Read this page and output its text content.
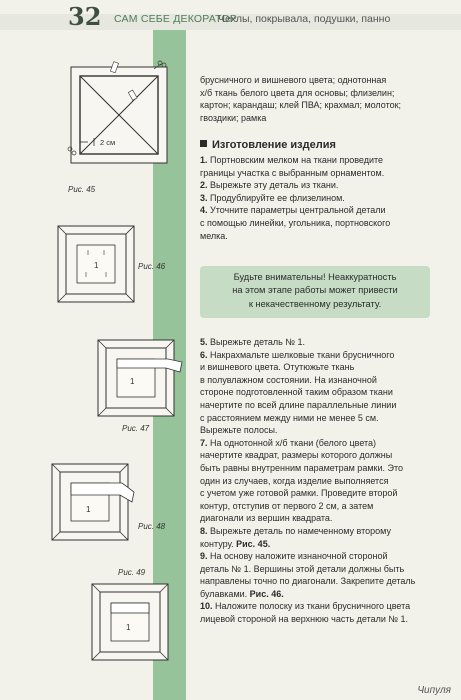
32 САМ СЕБЕ ДЕКОРАТОР.
Чехлы, покрывала, подушки, панно
2 см
Рис. 45
1	Рис. 46
1
Рис. 47
1
Рис. 48
Рис. 49
1
брусничного и вишневого цвета; однотонная
х/б ткань белого цвета для основы; флизелин;
картон; карандаш; клей ПВА; крахмал; молоток;
гвоздики; рамка
Изготовление изделия
1. Портновским мелком на ткани проведите
границы участка с выбранным орнаментом.
2. Вырежьте эту деталь из ткани.
3. Продублируйте ее флизелином.
4. Уточните параметры центральной детали
с помощью линейки, угольника, портновского
мелка.
Будьте внимательны! Неаккуратность
на этом этапе работы может привести
к некачественному результату.
5. Вырежьте деталь № 1.
6. Накрахмальте шелковые ткани брусничного
и вишневого цвета. Отутюжьте ткань
в полувлажном состоянии. На изнаночной
стороне подготовленной таким образом ткани
начертите по всей длине параллельные линии
с расстоянием между ними не менее 5 см.
Вырежьте полосы.
7. На однотонной х/б ткани (белого цвета)
начертите квадрат, размеры которого должны
быть равны внутренним параметрам рамки. Это
один из случаев, когда изделие выполняется
с учетом уже готовой рамки. Проведите второй
контур, отступив от первого 2 см, а затем
диагонали из вершин квадрата.
8. Вырежьте деталь по намеченному второму
контуру. Рис. 45.
9. На основу наложите изнаночной стороной
деталь № 1. Вершины этой детали должны быть
направлены точно по диагонали. Закрепите деталь
булавками. Рис. 46.
10. Наложите полоску из ткани брусничного цвета
лицевой стороной на верхнюю часть детали № 1.
Чипуля
